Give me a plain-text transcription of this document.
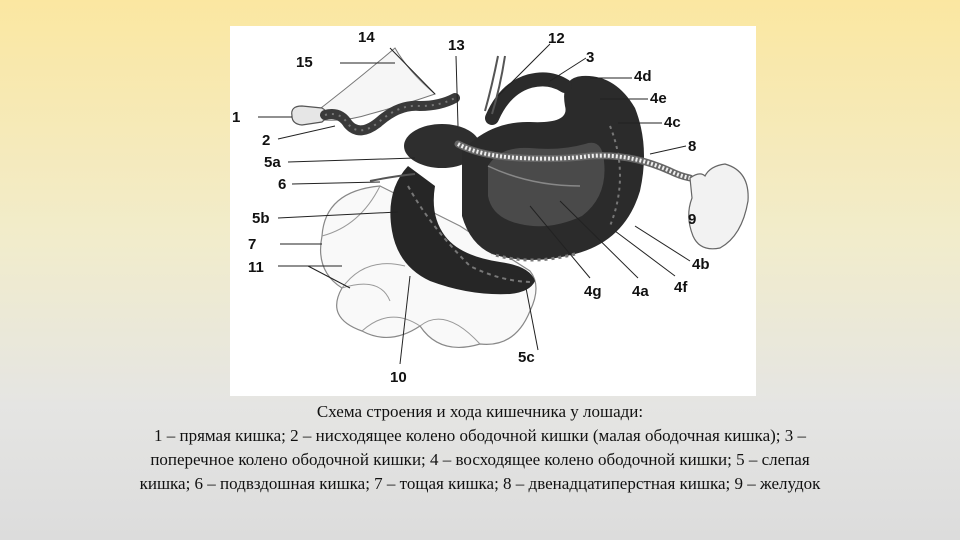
1
2
5a
6
5b
7
11
10
5c
14
15
13	12
3
4d
4e
4c
8
9
4b
4f
4a
4g
Схема строения и хода кишечника у лошади:
1 – прямая кишка; 2 – нисходящее колено ободочной кишки (малая ободочная кишка); 3 –
поперечное колено ободочной кишки; 4 – восходящее колено ободочной кишки; 5 – слепая
кишка; 6 – подвздошная кишка; 7 – тощая кишка; 8 – двенадцатиперстная кишка; 9 – желудок
